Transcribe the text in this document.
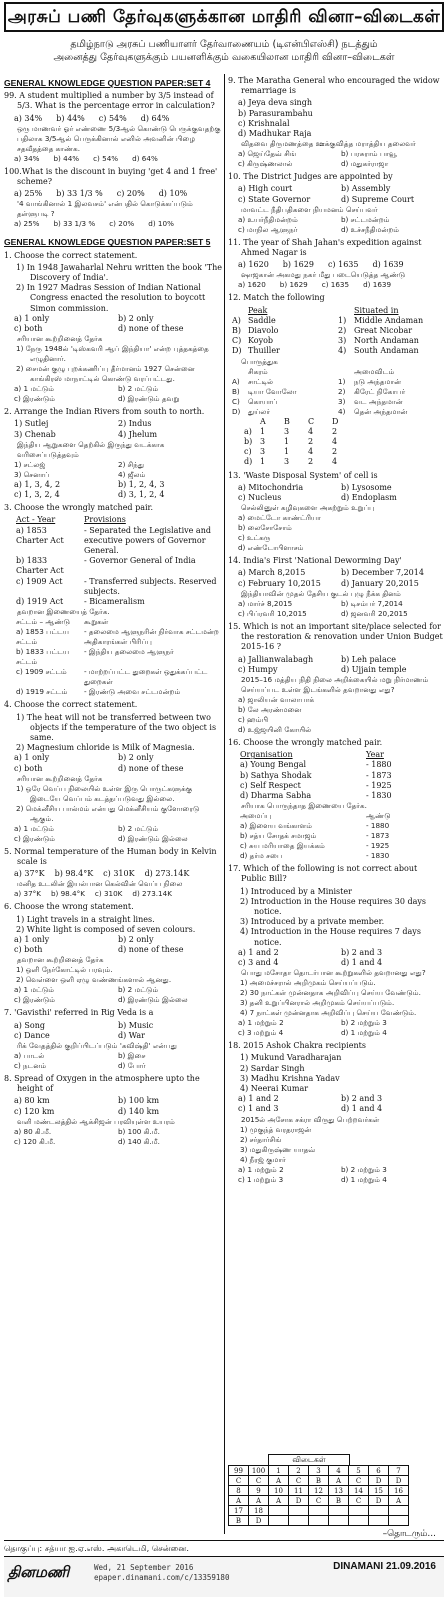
அரசுப் பணி தேர்வுகளுக்கான மாதிரி வினா–விடைகள்
தமிழ்நாடு அரசுப் பணியாளர் தேர்வாணையம் (டிஎன்பிஎஸ்சி) நடத்தும்
அனைத்து தேர்வுகளுக்கும் பயனளிக்கும் வகையிலான மாதிரி வினா–விடைகள்
GENERAL KNOWLEDGE QUESTION PAPER:SET 4
99. A student multiplied a number by 3/5 instead of 5/3. What is the percentage error in calculation?
a) 34% b) 44% c) 54% d) 64%
ஒரு மாணவர் ஓர் எண்ணை 5/3ஆல் கொண்டு பெருக்குவதற்கு பதிலாக 3/5ஆல் பெருக்கினால் எனில் அவனின் பிழை சதவீதத்தை காண்க.
a) 34% b) 44% c) 54% d) 64%
100.What is the discount in buying 'get 4 and 1 free' scheme?
a) 25% b) 33 1/3 % c) 20% d) 10%
'4 வாங்கினால் 1 இலவசம்' என்பதில் கொடுக்கப்படும் தள்ளுபடி ?
a) 25% b) 33 1/3 % c) 20% d) 10%
GENERAL KNOWLEDGE QUESTION PAPER:SET 5
1. Choose the correct statement.
1) In 1948 Jawaharlal Nehru written the book 'The Discovery of India'.
2) In 1927 Madras Session of Indian National Congress enacted the resolution to boycott Simon commission.
a) 1 only	b) 2 only
c) both	d) none of these
சரியான கூற்றினைத் தேர்க
1) நேரு 1948ல் 'டிஸ்கவரி ஆப் இந்தியா' என்ற புத்தகத்தை எழுதினார்.
2) சைமன் குழு புறக்கணிப்பு தீர்மானம் 1927 சென்னை காங்கிரஸ் மாநாட்டில் கொண்டு வரப்பட்டது.
a) 1 மட்டும்	b) 2 மட்டும்
c) இரண்டும்	d) இரண்டும் தவறு
2. Arrange the Indian Rivers from south to north.
1) Sutlej	2) Indus
3) Chenab	4) Jhelum
இந்திய ஆறுகளை தெற்கில் இருந்து வடக்காக வரிசைப்படுத்தவும்
1) சட்லஜ்	2) சிந்து
3) செனாப்	4) ஜீலம்
a) 1, 3, 4, 2	b) 1, 2, 4, 3
c) 1, 3, 2, 4	d) 3, 1, 2, 4
3. Choose the wrongly matched pair.
Act - Year	Provisions
a) 1853 Charter Act
- Separated the Legislative and executive powers of Governor General.
b) 1833 Charter Act
- Governor General of India
c) 1909 Act	- Transferred subjects. Reserved subjects.
d) 1919 Act	- Bicameralism
தவறான இணையைத் தேர்க.
சட்டம் – ஆண்டு	கூறுகள்
a) 1853 பட்டய சட்டம்
- தலைமை ஆளுநரின் நிர்வாக சட்டமன்ற அதிகாரங்கள் பிரிப்பு
b) 1833 பட்டய சட்டம்
- இந்திய தலைமை ஆளுநர்
c) 1909 சட்டம்	- மாற்றப்பட்ட துறைகள் ஒதுக்கப்பட்ட துறைகள்
d) 1919 சட்டம்	- இரண்டு அவை சட்டமன்றம்
4. Choose the correct statement.
1) The heat will not be transferred between two objects if the temperature of the two object is same.
2) Magnesium chloride is Milk of Magnesia.
a) 1 only	b) 2 only
c) both	d) none of these
சரியான கூற்றினைத் தேர்க
1) ஒரே வெப்ப நிலையில் உள்ள இரு பொருட்களுக்கு இடையே வெப்பம் கடத்தப்படுவது இல்லை.
2) மெக்னீசிய பால்மம் என்பது மெக்னீசியம் குளோரைடு ஆகும்.
a) 1 மட்டும்	b) 2 மட்டும்
c) இரண்டும்	d) இரண்டும் இல்லை
5. Normal temperature of the Human body in Kelvin scale is
a) 37°K b) 98.4°K c) 310K d) 273.14K
மனித உடலின் இயல்பான கெல்வின் வெப்ப நிலை
a) 37°K b) 98.4°K c) 310K d) 273.14K
6. Choose the wrong statement.
1) Light travels in a straight lines.
2) White light is composed of seven colours.
a) 1 only	b) 2 only
c) both	d) none of these
தவறான கூற்றினைத் தேர்க
1) ஒளி நேர்கோட்டில் பரவும்.
2) வெள்ளை ஒளி ஏழு வண்ணங்களால் ஆனது.
a) 1 மட்டும்	b) 2 மட்டும்
c) இரண்டும்	d) இரண்டும் இல்லை
7. 'Gavisthi' referred in Rig Veda is a
a) Song	b) Music
c) Dance	d) War
ரிக் வேதத்தில் குறிப்பிடப்படும் 'கவிஷ்தி' என்பது
a) பாடல்	b) இசை
c) நடனம்	d) போர்
8. Spread of Oxygen in the atmosphere upto the height of
a) 80 km	b) 100 km
c) 120 km	d) 140 km
வளி மண்டலத்தில் ஆக்சிஜன் பரவியுள்ள உயரம்
a) 80 கி.மீ.	b) 100 கி.மீ.
c) 120 கி.மீ.	d) 140 கி.மீ.
9. The Maratha General who encouraged the widow remarriage is
a) Jeya deva singh
b) Parasurambahu
c) Krishnalal
d) Madhukar Raja
விதவை திருமணத்தை ஊக்குவித்த மராத்திய தலைவர்
a) ஜெய்தேவ் சிங்	b) பரசுராம் பாவூ
c) கிருஷ்ணலால்	d) மதுகர்ராஜா
10. The District Judges are appointed by
a) High court	b) Assembly
c) State Governor	d) Supreme Court
மாவட்ட நீதிபதிகளை நியமனம் செய்பவர்
a) உயர்நீதிமன்றம்	b) சட்டமன்றம்
c) மாநில ஆளுநர்	d) உச்சநீதிமன்றம்
11. The year of Shah Jahan's expedition against Ahmed Nagar is
a) 1620 b) 1629 c) 1635 d) 1639
ஷாஜகான் அகமது நகர் மீது படையெடுத்த ஆண்டு
a) 1620 b) 1629 c) 1635 d) 1639
12. Match the following
Peak	Situated in
A) Saddle	1) Middle Andaman
B) Diavolo	2) Great Nicobar
C) Koyob	3) North Andaman
D) Thuiller	4) South Andaman
பொருத்துக
சிகரம்	அமைவிடம்
A)	சாட்டில்	1)	நடு அந்தமான்
B)	டியா வோலோ	2)	கிரேட் நிகோபர்
C)	கொயாப்	3)	வட அந்தமான்
D)	துய்லர்	4)	தென் அந்தமான்
A	B	C	D
a)	1	3	4	2
b) 3	1	2	4
c)	3	1	4	2
d) 1	3	2	4
13. 'Waste Disposal System' of cell is
a) Mitochondria	b) Lysosome
c) Nucleus	d) Endoplasm
செல்லினுள் கழிவுகளை அகற்றும் உறுப்பு
a) மைட்டோ காண்ட்ரியா
b) லைசோசோம்
c) உட்கரு
d) எண்டோபிளாசம்
14. India's First 'National Deworming Day'
a) March 8,2015	b) December 7,2014
c) February 10,2015	d) January 20,2015
இந்தியாவின் முதல் தேசிய குடல் புழு நீக்க தினம்
a) மார்ச் 8,2015	b) டிசம்பர் 7,2014
c) பிப்ரவரி 10,2015	d) ஜனவரி 20,2015
15. Which is not an important site/place selected for the restoration & renovation under Union Budget 2015-16 ?
a) Jallianwalabagh	b) Leh palace
c) Humpy	d) Ujjain temple
2015–16 மத்திய நிதி நிலை அறிக்கையில் மறு நிர்மாணம் செய்யப்பட உள்ள இடங்களில் தவறானது எது?
a) ஜாலியன் வாலாபாக்
b) லே அரண்மனை
c) ஹம்பி
d) உஜ்ஜயினி கோயில்
16. Choose the wrongly matched pair.
Organisation	Year
a) Young Bengal	- 1880
b) Sathya Shodak	- 1873
c) Self Respect	- 1925
d) Dharma Sabha	- 1830
சரியாக பொருந்தாத இணையை தேர்க.
அமைப்பு	ஆண்டு
a) இளைய வங்காளம்	- 1880
b) சத்ய சோதக் சமாஜம்	- 1873
c) சுய மரியாதை இயக்கம்	- 1925
d) தர்ம சபை	- 1830
17. Which of the following is not correct about Public Bill?
1) Introduced by a Minister
2) Introduction in the House requires 30 days notice.
3) Introduced by a private member.
4) Introduction in the House requires 7 days notice.
a) 1 and 2	b) 2 and 3
c) 3 and 4	d) 1 and 4
பொது மசோதா தொடர்பான கூற்றுகளில் தவறானது எது?
1) அமைச்சரால் அறிமுகம் செய்யப்படும்.
2) 30 நாட்கள் முன்னதாக அறிவிப்பு செய்ய வேண்டும்.
3) தனி உறுப்பினரால் அறிமுகம் செய்யப்படும்.
4) 7 நாட்கள் முன்னதாக அறிவிப்பு செய்ய வேண்டும்.
a) 1 மற்றும் 2	b) 2 மற்றும் 3
c) 3 மற்றும் 4	d) 1 மற்றும் 4
18. 2015 Ashok Chakra recipients
1) Mukund Varadharajan
2) Sardar Singh
3) Madhu Krishna Yadav
4) Neerai Kumar
a) 1 and 2	b) 2 and 3
c) 1 and 3	d) 1 and 4
2015ல் அசோக சக்ரா விருது பெற்றவர்கள்
1) முகுந்த் வரதராஜன்
2) சர்தார்சிங்
3) மதுகிருஷ்ண யாதவ்
4) நீரஜ் குமார்
a) 1 மற்றும் 2	b) 2 மற்றும் 3
c) 1 மற்றும் 3	d) 1 மற்றும் 4
விடைகள்
99	100	1	2	3	4	5	6	7
C	C	A	C	B	A	C	D	D
8	9	10	11	12	13	14	15	16
A	A	A	D	C	B	C	D	A
17	18							
B	D							
தொகுப்பு: சத்யா ஐ.ஏ.எஸ். அகாடெமி, சென்னை.
–தொடரும்...
தினமணி	Wed, 21 September 2016
epaper.dinamani.com/c/13359180
DINAMANI 21.09.2016
